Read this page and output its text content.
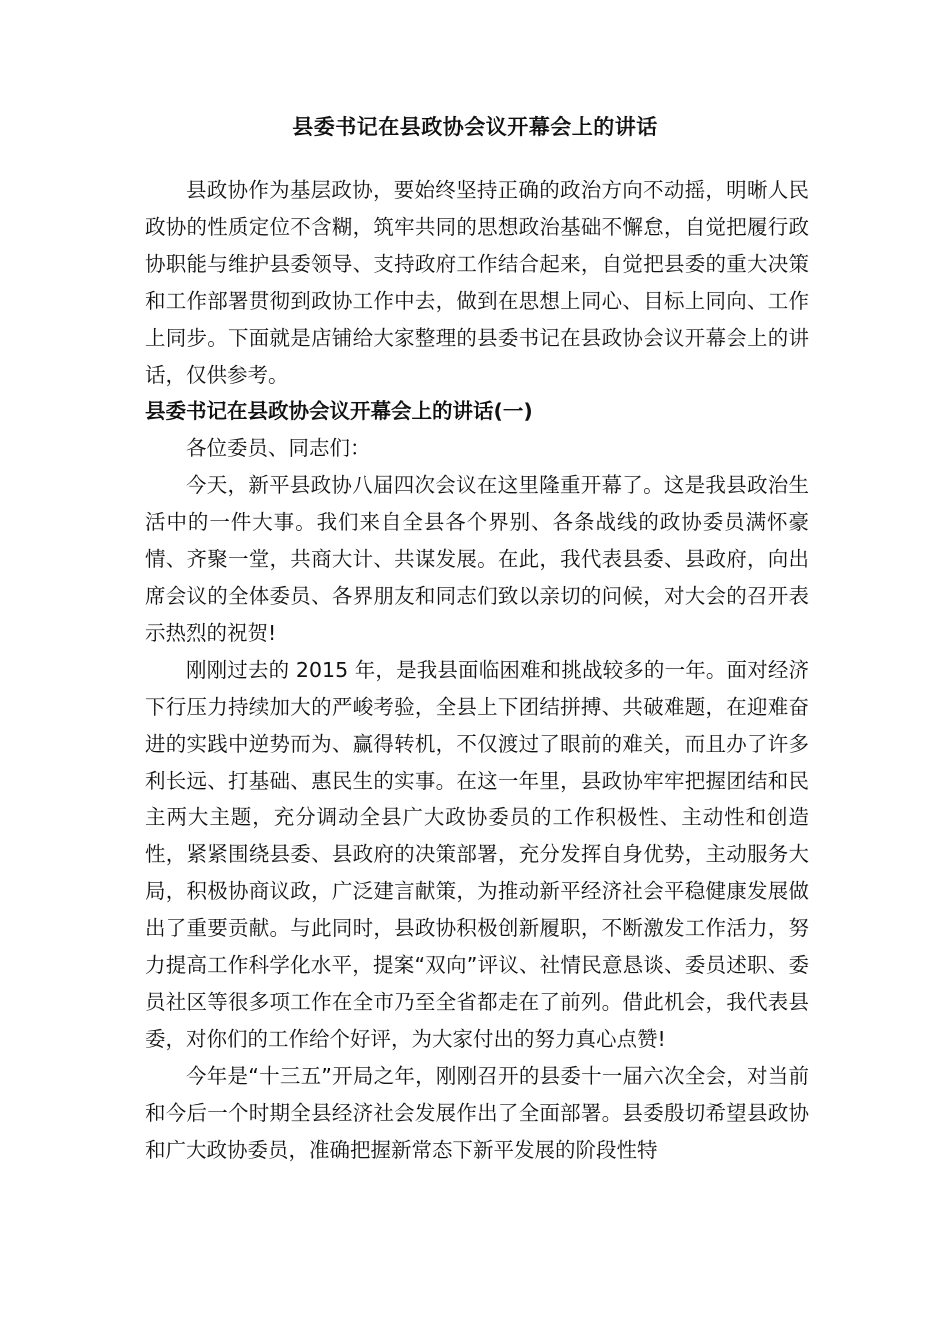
县委书记在县政协会议开幕会上的讲话

县政协作为基层政协，要始终坚持正确的政治方向不动摇，明晰人民政协的性质定位不含糊，筑牢共同的思想政治基础不懈怠，自觉把履行政协职能与维护县委领导、支持政府工作结合起来，自觉把县委的重大决策和工作部署贯彻到政协工作中去，做到在思想上同心、目标上同向、工作上同步。下面就是店铺给大家整理的县委书记在县政协会议开幕会上的讲话，仅供参考。

县委书记在县政协会议开幕会上的讲话(一)

各位委员、同志们：

今天，新平县政协八届四次会议在这里隆重开幕了。这是我县政治生活中的一件大事。我们来自全县各个界别、各条战线的政协委员满怀豪情、齐聚一堂，共商大计、共谋发展。在此，我代表县委、县政府，向出席会议的全体委员、各界朋友和同志们致以亲切的问候，对大会的召开表示热烈的祝贺!

刚刚过去的 2015 年，是我县面临困难和挑战较多的一年。面对经济下行压力持续加大的严峻考验，全县上下团结拼搏、共破难题，在迎难奋进的实践中逆势而为、赢得转机，不仅渡过了眼前的难关，而且办了许多利长远、打基础、惠民生的实事。在这一年里，县政协牢牢把握团结和民主两大主题，充分调动全县广大政协委员的工作积极性、主动性和创造性，紧紧围绕县委、县政府的决策部署，充分发挥自身优势，主动服务大局，积极协商议政，广泛建言献策，为推动新平经济社会平稳健康发展做出了重要贡献。与此同时，县政协积极创新履职，不断激发工作活力，努力提高工作科学化水平，提案“双向”评议、社情民意恳谈、委员述职、委员社区等很多项工作在全市乃至全省都走在了前列。借此机会，我代表县委，对你们的工作给个好评，为大家付出的努力真心点赞!

今年是“十三五”开局之年，刚刚召开的县委十一届六次全会，对当前和今后一个时期全县经济社会发展作出了全面部署。县委殷切希望县政协和广大政协委员，准确把握新常态下新平发展的阶段性特
